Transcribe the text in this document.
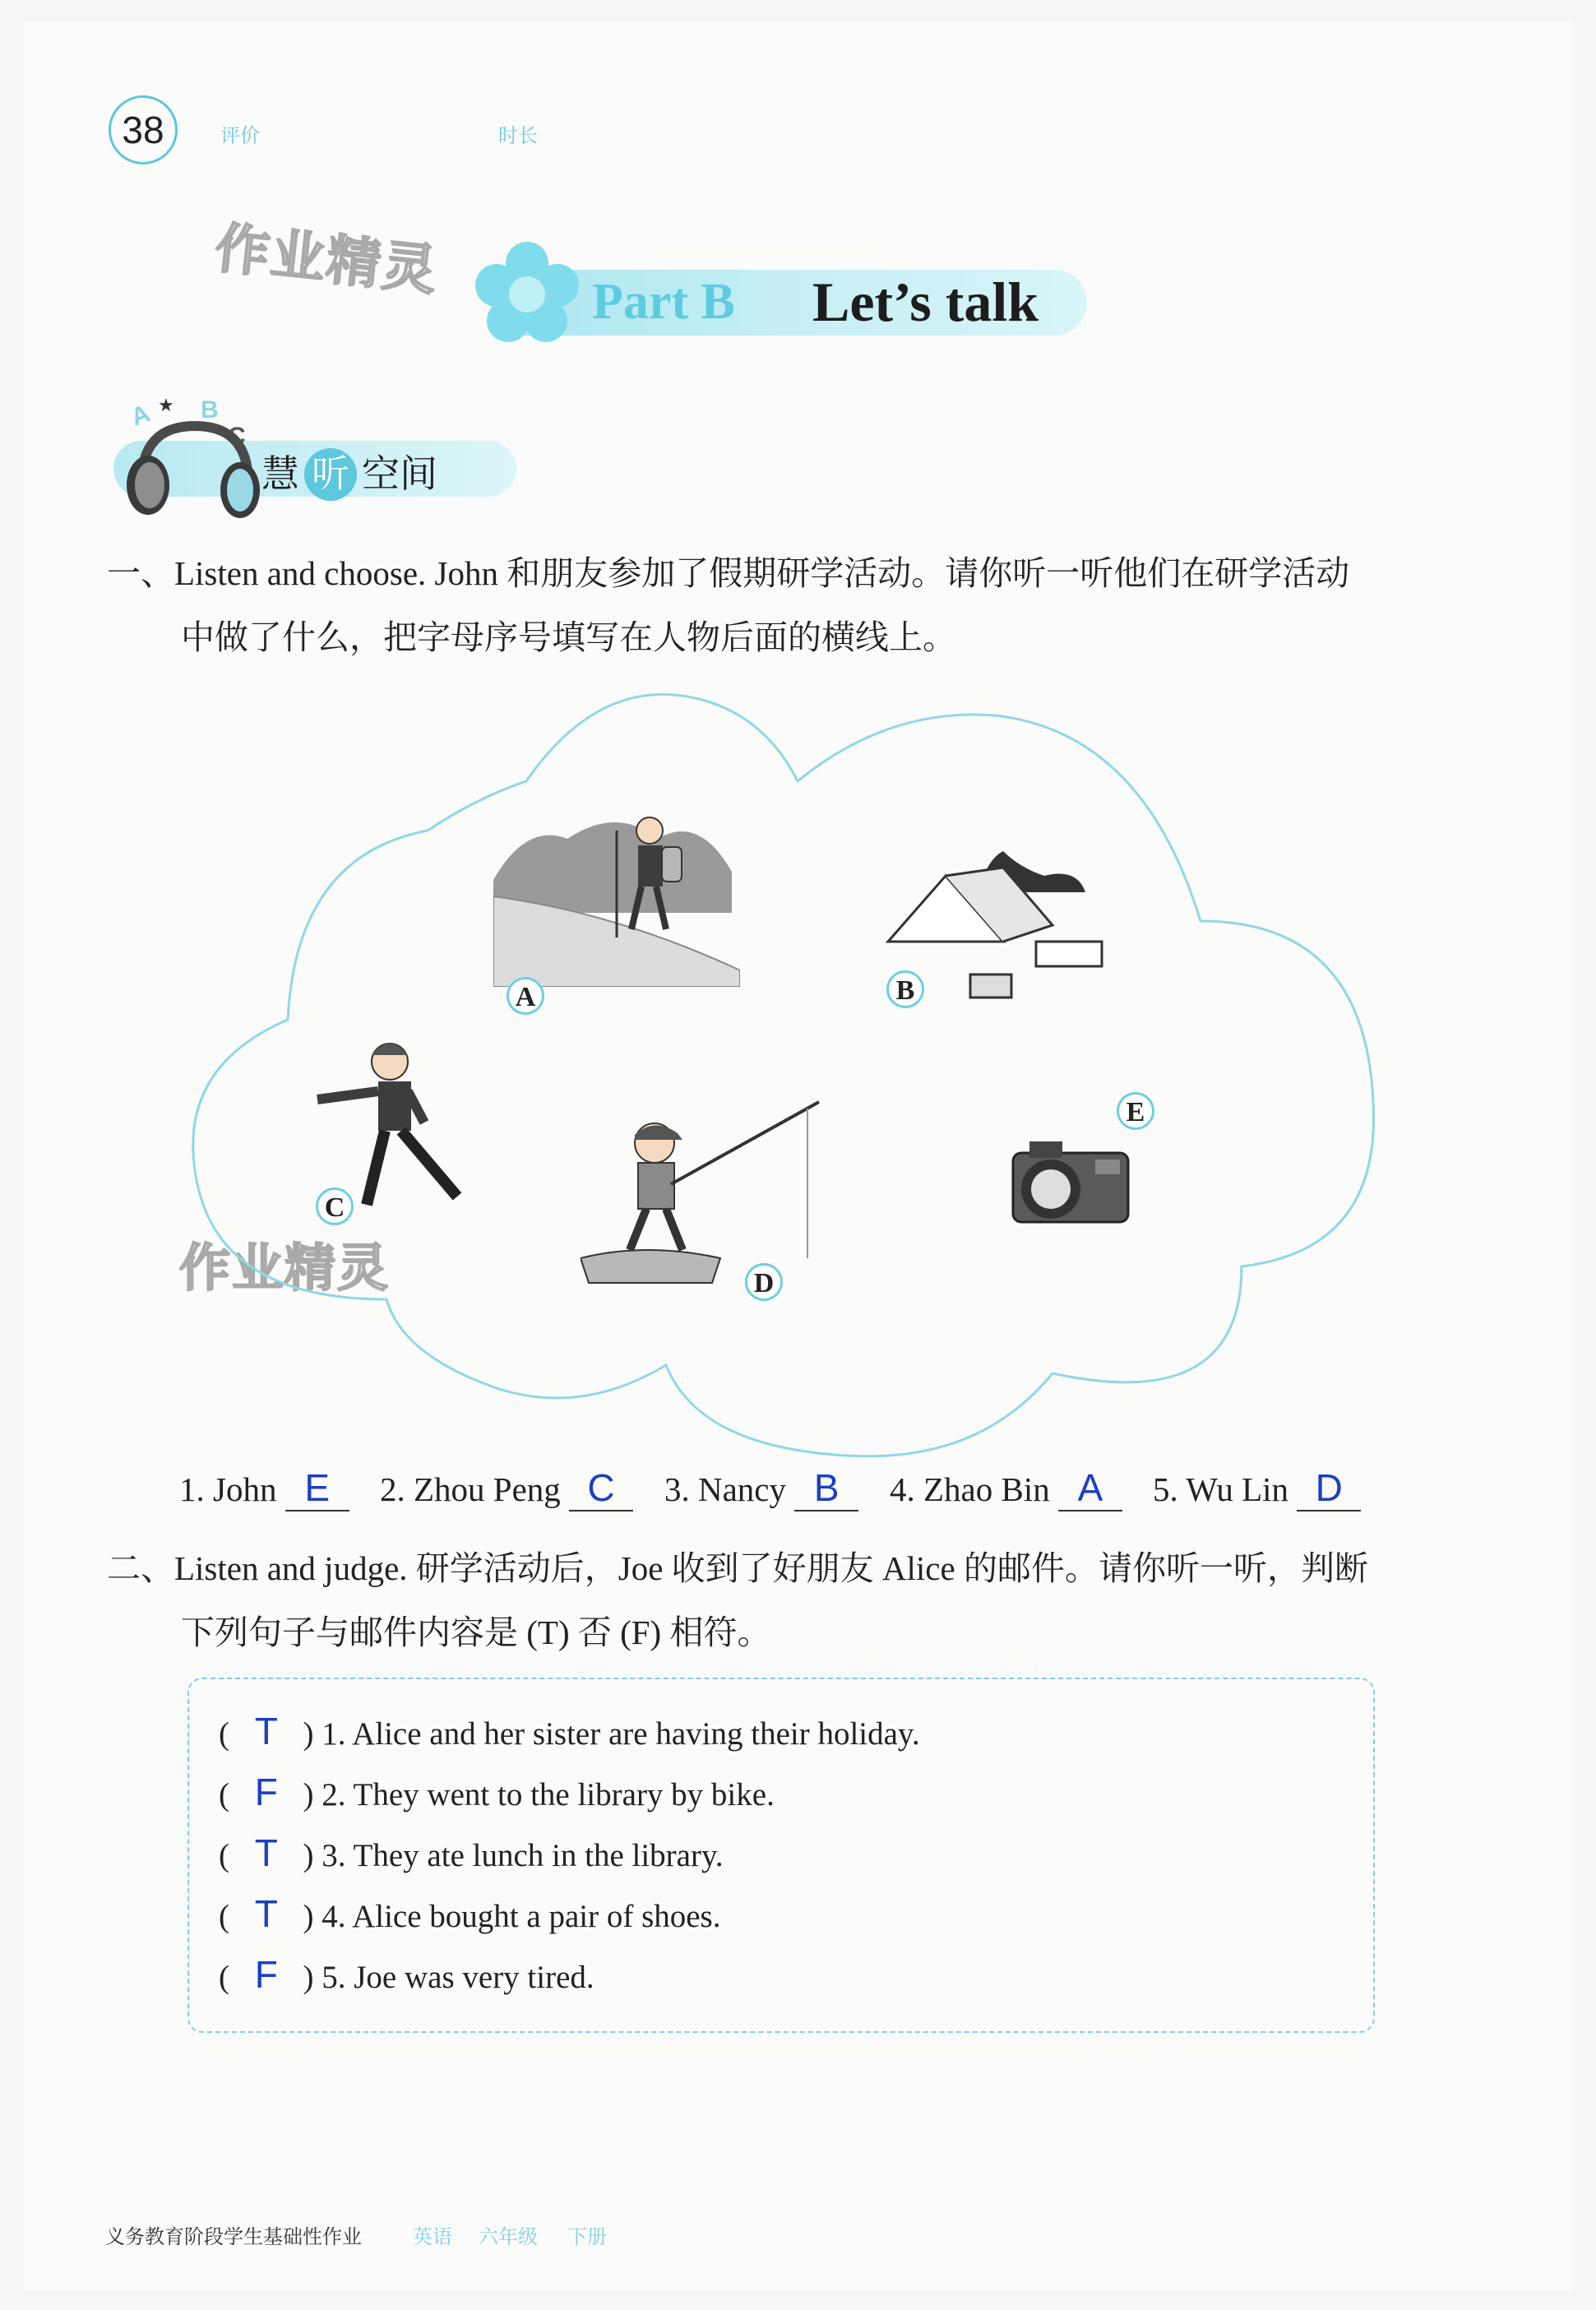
38	评价	时长
作业精灵
作业精灵
Part B Let’s talk
A ★ B
C
慧 听 空间
一、Listen and choose. John 和朋友参加了假期研学活动。请你听一听他们在研学活动
中做了什么，把字母序号填写在人物后面的横线上。
A	B
C
D
E
1. John E	2. Zhou Peng C	3. Nancy B	4. Zhao Bin A	5. Wu Lin D
二、Listen and judge. 研学活动后，Joe 收到了好朋友 Alice 的邮件。请你听一听，判断
下列句子与邮件内容是 (T) 否 (F) 相符。
( T ) 1. Alice and her sister are having their holiday.
( F ) 2. They went to the library by bike.
( T ) 3. They ate lunch in the library.
( T ) 4. Alice bought a pair of shoes.
( F ) 5. Joe was very tired.
义务教育阶段学生基础性作业	英语 六年级 下册
